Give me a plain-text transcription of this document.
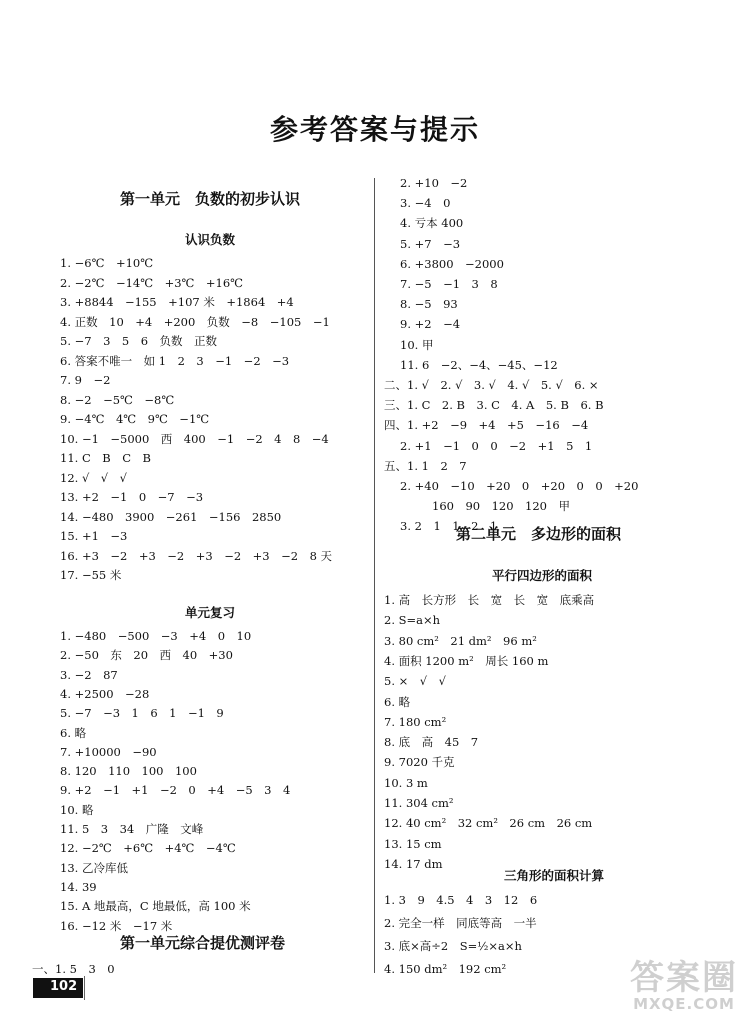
参考答案与提示
第一单元　负数的初步认识
认识负数
1. −6℃　+10℃
2. −2℃　−14℃　+3℃　+16℃
3. +8844　−155　+107 米　+1864　+4
4. 正数　10　+4　+200　负数　−8　−105　−1
5. −7　3　5　6　负数　正数
6. 答案不唯一　如 1　2　3　−1　−2　−3
7. 9　−2
8. −2　−5℃　−8℃
9. −4℃　4℃　9℃　−1℃
10. −1　−5000　西　400　−1　−2　4　8　−4
11. C　B　C　B
12. √　√　√
13. +2　−1　0　−7　−3
14. −480　3900　−261　−156　2850
15. +1　−3
16. +3　−2　+3　−2　+3　−2　+3　−2　8 天
17. −55 米
单元复习
1. −480　−500　−3　+4　0　10
2. −50　东　20　西　40　+30
3. −2　87
4. +2500　−28
5. −7　−3　1　6　1　−1　9
6. 略
7. +10000　−90
8. 120　110　100　100
9. +2　−1　+1　−2　0　+4　−5　3　4
10. 略
11. 5　3　34　广隆　文峰
12. −2℃　+6℃　+4℃　−4℃
13. 乙冷库低
14. 39
15. A 地最高，C 地最低，高 100 米
16. −12 米　−17 米
第一单元综合提优测评卷
一、1. 5　3　0
2. +10　−2
3. −4　0
4. 亏本 400
5. +7　−3
6. +3800　−2000
7. −5　−1　3　8
8. −5　93
9. +2　−4
10. 甲
11. 6　−2、−4、−45、−12
二、1. √　2. √　3. √　4. √　5. √　6. ×
三、1. C　2. B　3. C　4. A　5. B　6. B
四、1. +2　−9　+4　+5　−16　−4
2. +1　−1　0　0　−2　+1　5　1
五、1. 1　2　7
2. +40　−10　+20　0　+20　0　0　+20
160　90　120　120　甲
3. 2　1　1　2　1
第二单元　多边形的面积
平行四边形的面积
1. 高　长方形　长　宽　长　宽　底乘高
2. S=a×h
3. 80 cm²　21 dm²　96 m²
4. 面积 1200 m²　周长 160 m
5. ×　√　√
6. 略
7. 180 cm²
8. 底　高　45　7
9. 7020 千克
10. 3 m
11. 304 cm²
12. 40 cm²　32 cm²　26 cm　26 cm
13. 15 cm
14. 17 dm
三角形的面积计算
1. 3　9　4.5　4　3　12　6
2. 完全一样　同底等高　一半
3. 底×高÷2　S=½×a×h
4. 150 dm²　192 cm²
102	答案圈
MXQE.COM
